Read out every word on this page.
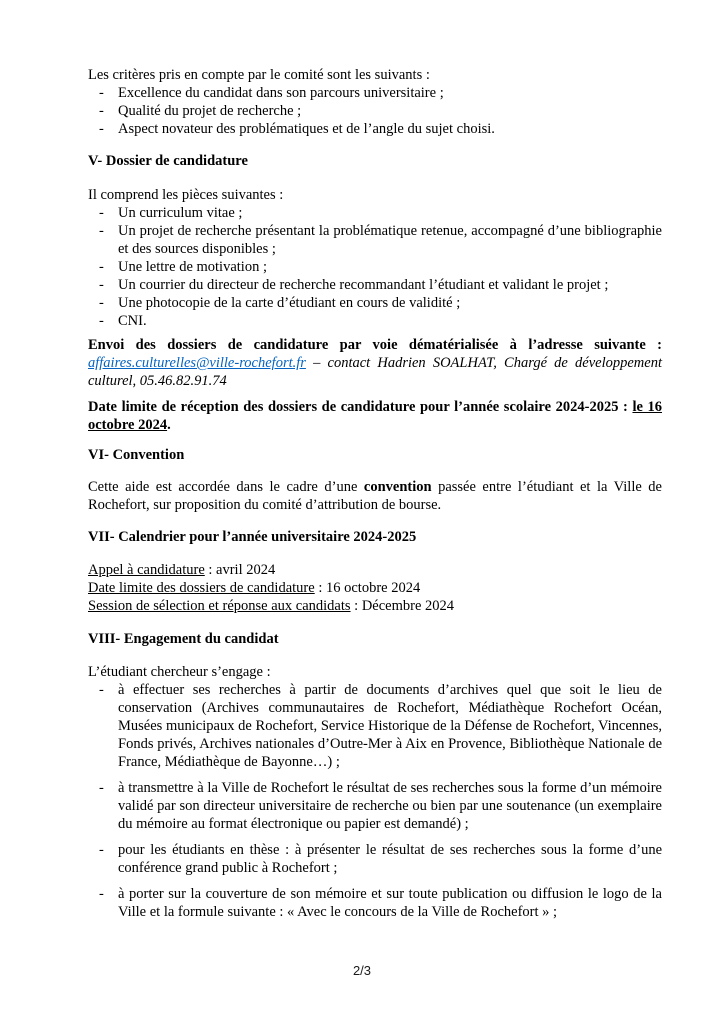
Les critères pris en compte par le comité sont les suivants :
- Excellence du candidat dans son parcours universitaire ;
- Qualité du projet de recherche ;
- Aspect novateur des problématiques et de l’angle du sujet choisi.
V- Dossier de candidature
Il comprend les pièces suivantes :
- Un curriculum vitae ;
- Un projet de recherche présentant la problématique retenue, accompagné d’une bibliographie et des sources disponibles ;
- Une lettre de motivation ;
- Un courrier du directeur de recherche recommandant l’étudiant et validant le projet ;
- Une photocopie de la carte d’étudiant en cours de validité ;
- CNI.
Envoi des dossiers de candidature par voie dématérialisée à l’adresse suivante : affaires.culturelles@ville-rochefort.fr – contact Hadrien SOALHAT, Chargé de développement culturel, 05.46.82.91.74
Date limite de réception des dossiers de candidature pour l’année scolaire 2024-2025 : le 16 octobre 2024.
VI- Convention
Cette aide est accordée dans le cadre d’une convention passée entre l’étudiant et la Ville de Rochefort, sur proposition du comité d’attribution de bourse.
VII- Calendrier pour l’année universitaire 2024-2025
Appel à candidature : avril 2024
Date limite des dossiers de candidature : 16 octobre 2024
Session de sélection et réponse aux candidats : Décembre 2024
VIII- Engagement du candidat
L’étudiant chercheur s’engage :
- à effectuer ses recherches à partir de documents d’archives quel que soit le lieu de conservation (Archives communautaires de Rochefort, Médiathèque Rochefort Océan, Musées municipaux de Rochefort, Service Historique de la Défense de Rochefort, Vincennes, Fonds privés, Archives nationales d’Outre-Mer à Aix en Provence, Bibliothèque Nationale de France, Médiathèque de Bayonne…) ;
- à transmettre à la Ville de Rochefort le résultat de ses recherches sous la forme d’un mémoire validé par son directeur universitaire de recherche ou bien par une soutenance (un exemplaire du mémoire au format électronique ou papier est demandé) ;
- pour les étudiants en thèse : à présenter le résultat de ses recherches sous la forme d’une conférence grand public à Rochefort ;
- à porter sur la couverture de son mémoire et sur toute publication ou diffusion le logo de la Ville et la formule suivante : « Avec le concours de la Ville de Rochefort » ;
2/3
